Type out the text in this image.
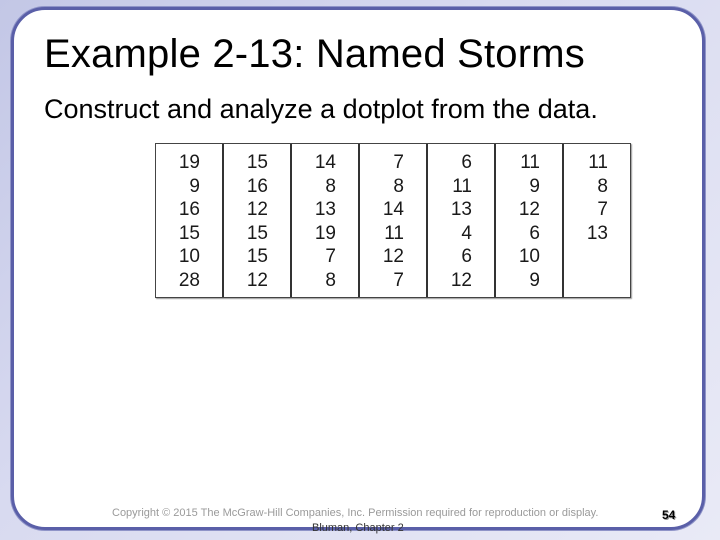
Example 2-13: Named Storms
Construct and analyze a dotplot from the data.
19
9
16
15
10
28
15
16
12
15
15
12
14
8
13
19
7
8
7
8
14
11
12
7
6
11
13
4
6
12
11
9
12
6
10
9
11
8
7
13
Copyright © 2015 The McGraw-Hill Companies, Inc. Permission required for reproduction or display.
Bluman, Chapter 2
54
